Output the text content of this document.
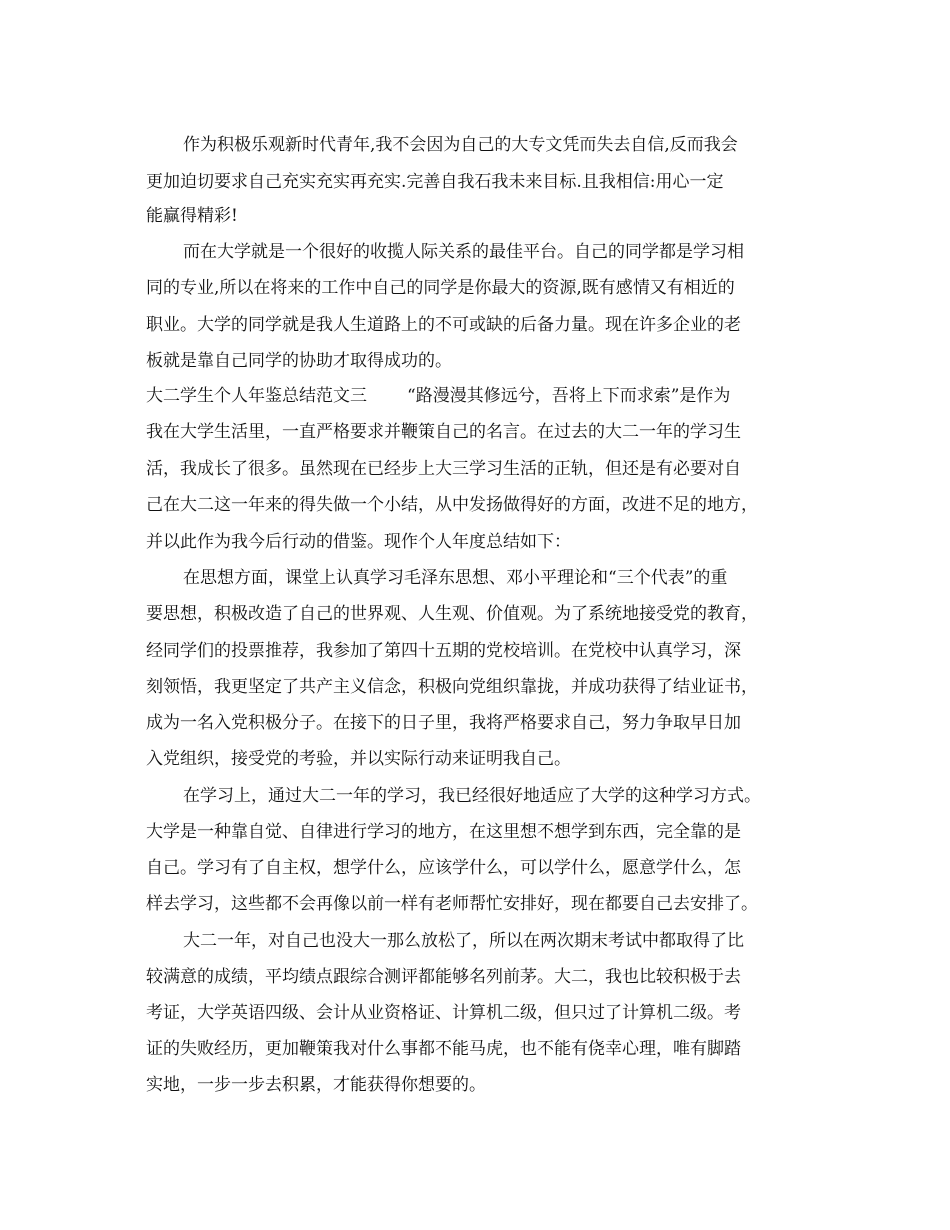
作为积极乐观新时代青年,我不会因为自己的大专文凭而失去自信,反而我会
更加迫切要求自己充实充实再充实.完善自我石我未来目标.且我相信:用心一定
能赢得精彩!
而在大学就是一个很好的收揽人际关系的最佳平台。自己的同学都是学习相
同的专业,所以在将来的工作中自己的同学是你最大的资源,既有感情又有相近的
职业。大学的同学就是我人生道路上的不可或缺的后备力量。现在许多企业的老
板就是靠自己同学的协助才取得成功的。
大二学生个人年鉴总结范文三 “路漫漫其修远兮，吾将上下而求索”是作为
我在大学生活里，一直严格要求并鞭策自己的名言。在过去的大二一年的学习生
活，我成长了很多。虽然现在已经步上大三学习生活的正轨，但还是有必要对自
己在大二这一年来的得失做一个小结，从中发扬做得好的方面，改进不足的地方，
并以此作为我今后行动的借鉴。现作个人年度总结如下：
在思想方面，课堂上认真学习毛泽东思想、邓小平理论和“三个代表”的重
要思想，积极改造了自己的世界观、人生观、价值观。为了系统地接受党的教育，
经同学们的投票推荐，我参加了第四十五期的党校培训。在党校中认真学习，深
刻领悟，我更坚定了共产主义信念，积极向党组织靠拢，并成功获得了结业证书，
成为一名入党积极分子。在接下的日子里，我将严格要求自己，努力争取早日加
入党组织，接受党的考验，并以实际行动来证明我自己。
在学习上，通过大二一年的学习，我已经很好地适应了大学的这种学习方式。
大学是一种靠自觉、自律进行学习的地方，在这里想不想学到东西，完全靠的是
自己。学习有了自主权，想学什么，应该学什么，可以学什么，愿意学什么，怎
样去学习，这些都不会再像以前一样有老师帮忙安排好，现在都要自己去安排了。
大二一年，对自己也没大一那么放松了，所以在两次期末考试中都取得了比
较满意的成绩，平均绩点跟综合测评都能够名列前茅。大二，我也比较积极于去
考证，大学英语四级、会计从业资格证、计算机二级，但只过了计算机二级。考
证的失败经历，更加鞭策我对什么事都不能马虎，也不能有侥幸心理，唯有脚踏
实地，一步一步去积累，才能获得你想要的。
